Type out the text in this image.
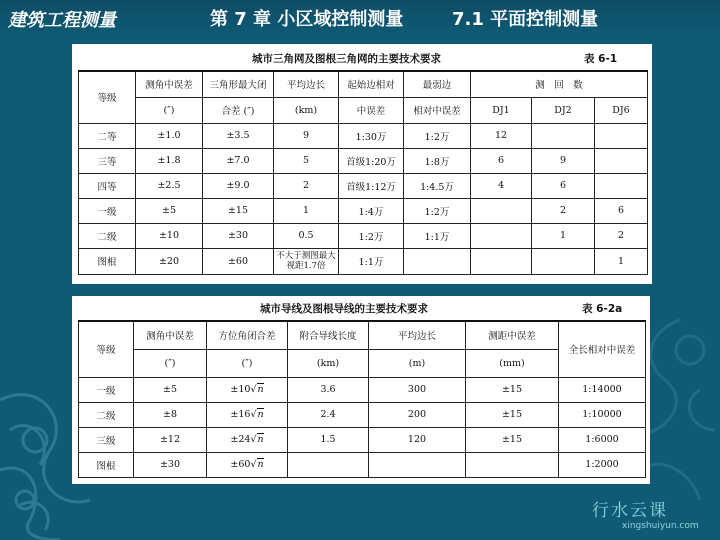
建筑工程测量	第 7 章 小区域控制测量	7.1 平面控制测量
城市三角网及图根三角网的主要技术要求	表 6-1
等级	测角中误差	三角形最大闭	平均边长	起始边相对	最弱边	测　回　数		
	(″)	合差 (″)	(km)	中误差	相对中误差	DJ1	DJ2	DJ6
二等	±1.0	±3.5	9	1:30万	1:2万	12		
三等	±1.8	±7.0	5	首级1:20万	1:8万	6	9	
四等	±2.5	±9.0	2	首级1:12万	1:4.5万	4	6	
一级	±5	±15	1	1:4万	1:2万		2	6
二级	±10	±30	0.5	1:2万	1:1万		1	2
图根	±20	±60	不大于测图最大视距1.7倍	1:1万				1
城市导线及图根导线的主要技术要求	表 6-2a
等级	测角中误差	方位角闭合差	附合导线长度	平均边长	测距中误差	全长相对中误差
	(″)	(″)	(km)	(m)	(mm)	
一级	±5	±10√n	3.6	300	±15	1:14000
二级	±8	±16√n	2.4	200	±15	1:10000
三级	±12	±24√n	1.5	120	±15	1:6000
图根	±30	±60√n				1:2000
行水云课
xingshuiyun.com
